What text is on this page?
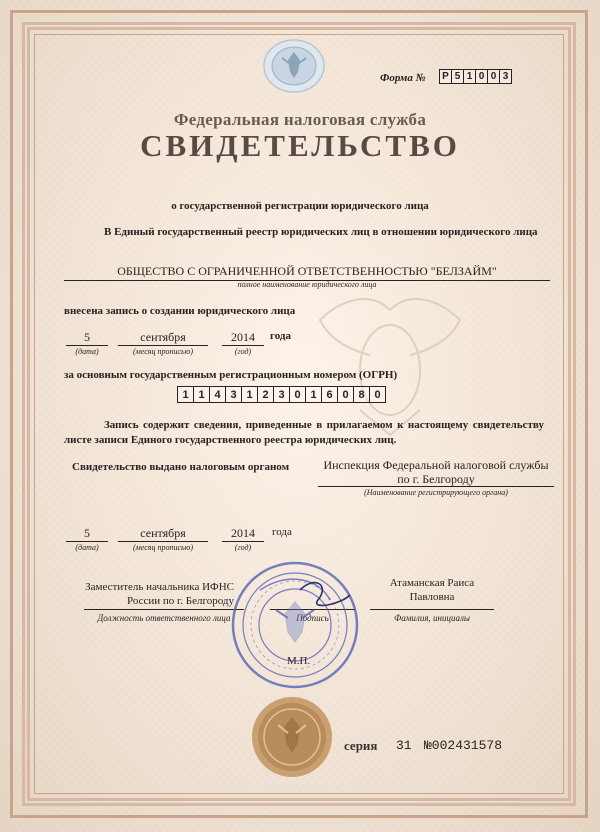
Форма №	Р 5 1 0 0 3
Федеральная налоговая служба
СВИДЕТЕЛЬСТВО
о государственной регистрации юридического лица
В Единый государственный реестр юридических лиц в отношении юридического лица
ОБЩЕСТВО С ОГРАНИЧЕННОЙ ОТВЕТСТВЕННОСТЬЮ "БЕЛЗАЙМ"
полное наименование юридического лица
внесена запись о создании юридического лица
5	сентября	2014	года
(дата)	(месяц прописью)	(год)
за основным государственным регистрационным номером (ОГРН)
1 1 4 3 1 2 3 0 1 6 0 8 0
Запись содержит сведения, приведенные в прилагаемом к настоящему свидетельству листе записи Единого государственного реестра юридических лиц.
Свидетельство выдано налоговым органом	Инспекция Федеральной налоговой службы
по г. Белгороду
(Наименование регистрирующего органа)
5	сентября	2014	года
(дата)	(месяц прописью)	(год)
Заместитель начальника ИФНС
России по г. Белгороду
Должность ответственного лица	Подпись
Атаманская Раиса
Павловна
Фамилия, инициалы
М.П.
серия 31 №002431578
